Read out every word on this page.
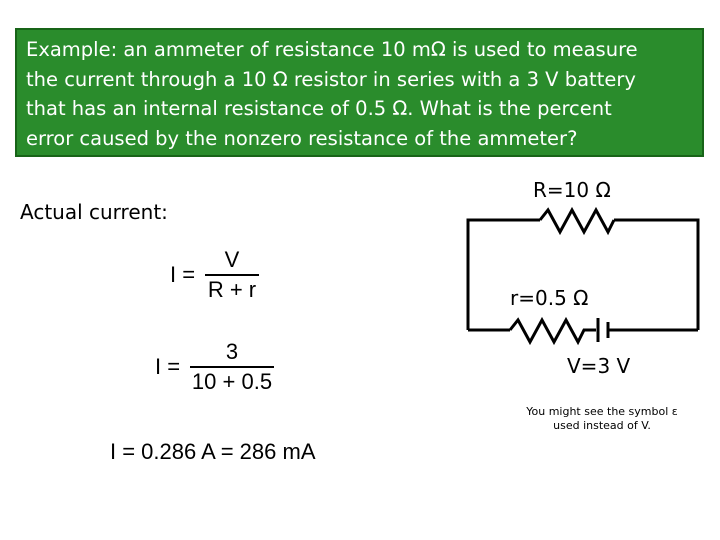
Example: an ammeter of resistance 10 mΩ is used to measure
the current through a 10 Ω resistor in series with a 3 V battery
that has an internal resistance of 0.5 Ω. What is the percent
error caused by the nonzero resistance of the ammeter?
Actual current:
I =
V
R + r
I =
3
10 + 0.5
I = 0.286 A = 286 mA
R=10 Ω
r=0.5 Ω
V=3 V
You might see the symbol ε
used instead of V.
